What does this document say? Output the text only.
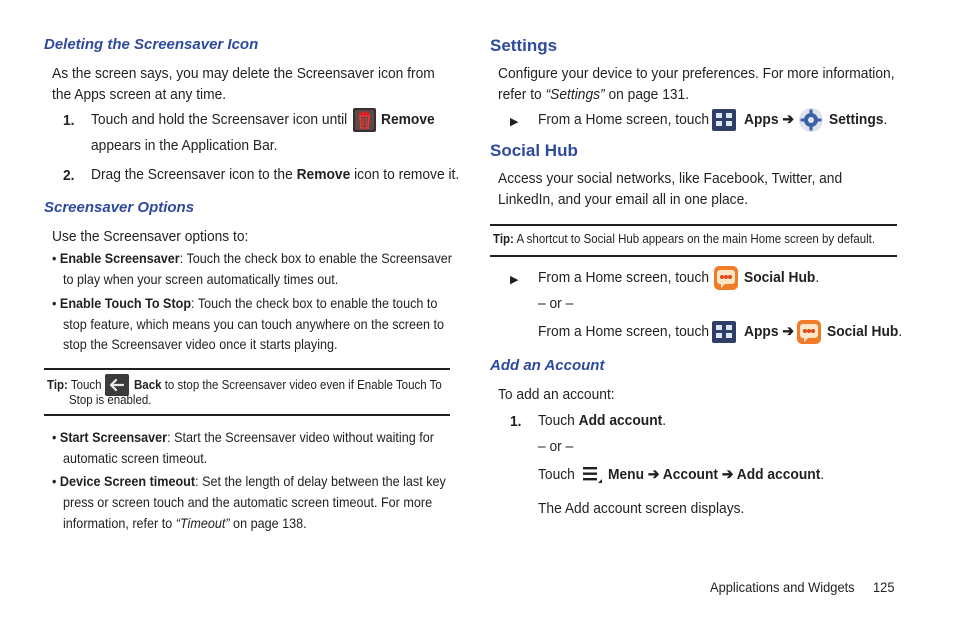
Deleting the Screensaver Icon
As the screen says, you may delete the Screensaver icon from
the Apps screen at any time.
1. Touch and hold the Screensaver icon until Remove
appears in the Application Bar.
2. Drag the Screensaver icon to the Remove icon to remove it.
Screensaver Options
Use the Screensaver options to:
• Enable Screensaver: Touch the check box to enable the Screensaver
to play when your screen automatically times out.
• Enable Touch To Stop: Touch the check box to enable the touch to
stop feature, which means you can touch anywhere on the screen to
stop the Screensaver video once it starts playing.
Tip: Touch	Back to stop the Screensaver video even if Enable Touch To
Stop is enabled.
• Start Screensaver: Start the Screensaver video without waiting for
automatic screen timeout.
• Device Screen timeout: Set the length of delay between the last key
press or screen touch and the automatic screen timeout. For more
information, refer to “Timeout” on page 138.
Settings
Configure your device to your preferences. For more information,
refer to “Settings” on page 131.
▶ From a Home screen, touch Apps ➔ Settings.
Social Hub
Access your social networks, like Facebook, Twitter, and
LinkedIn, and your email all in one place.
Tip: A shortcut to Social Hub appears on the main Home screen by default.
▶ From a Home screen, touch Social Hub.
– or –
From a Home screen, touch Apps ➔ Social Hub.
Add an Account
To add an account:
1. Touch Add account.
– or –
Touch Menu ➔ Account ➔ Add account.
The Add account screen displays.
Applications and Widgets 125
